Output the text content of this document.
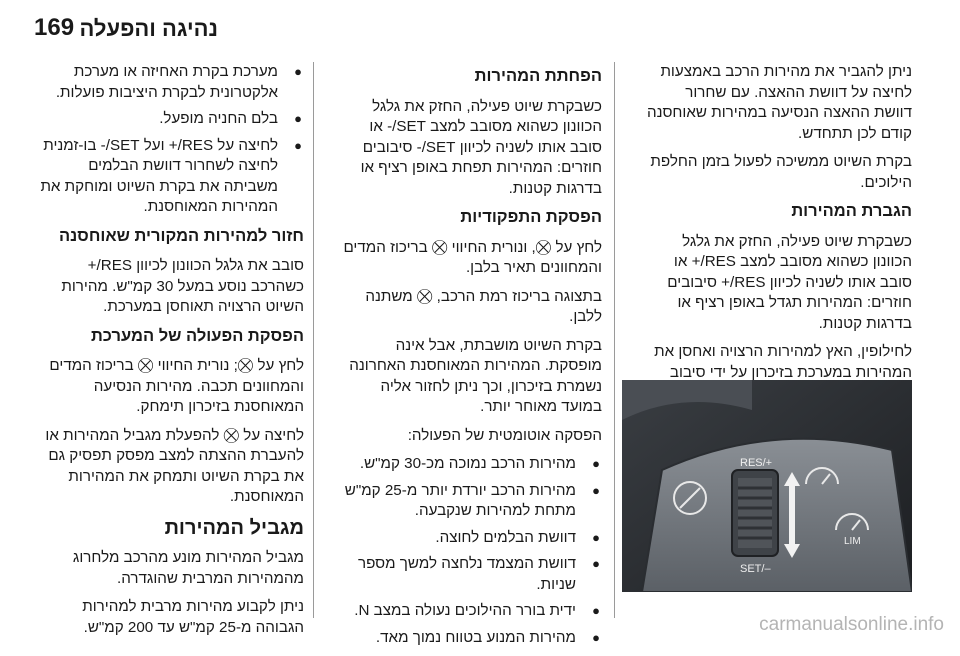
נהיגה והפעלה
169

ניתן להגביר את מהירות הרכב באמצעות לחיצה על דוושת ההאצה. עם שחרור דוושת ההאצה הנסיעה במהירות שאוחסנה קודם לכן תתחדש.

בקרת השיוט ממשיכה לפעול בזמן החלפת הילוכים.

הגברת המהירות

כשבקרת שיוט פעילה, החזק את גלגל הכוונון כשהוא מסובב למצב RES/+ או סובב אותו לשניה לכיוון RES/+ סיבובים חוזרים: המהירות תגדל באופן רציף או בדרגות קטנות.

לחילופין, האץ למהירות הרצויה ואחסן את המהירות במערכת בזיכרון על ידי סיבוב

RES/+
SET/–
LIM
הפחתת המהירות

כשבקרת שיוט פעילה, החזק את גלגל הכוונון כשהוא מסובב למצב SET/- או סובב אותו לשניה לכיוון SET/- סיבובים חוזרים: המהירות תפחת באופן רציף או בדרגות קטנות.

הפסקת התפקודיות

לחץ על ⛒, ונורית החיווי ⛒ בריכוז המדים והמחוונים תאיר בלבן.

בתצוגה בריכוז רמת הרכב, ⛒ משתנה ללבן.

בקרת השיוט מושבתת, אבל אינה מופסקת. המהירות המאוחסנת האחרונה נשמרת בזיכרון, וכך ניתן לחזור אליה במועד מאוחר יותר.

הפסקה אוטומטית של הפעולה:

● מהירות הרכב נמוכה מכ-30 קמ"ש.
● מהירות הרכב יורדת יותר מ-25 קמ"ש מתחת למהירות שנקבעה.
● דוושת הבלמים לחוצה.
● דוושת המצמד נלחצה למשך מספר שניות.
● ידית בורר ההילוכים נעולה במצב N.
● מהירות המנוע בטווח נמוך מאד.
● מערכת בקרת האחיזה או מערכת אלקטרונית לבקרת היציבות פועלות.
● בלם החניה מופעל.
● לחיצה על RES/+ ועל SET/- בו-זמנית לחיצה לשחרור דוושת הבלמים משביתה את בקרת השיוט ומוחקת את המהירות המאוחסנת.
חזור למהירות המקורית שאוחסנה

סובב את גלגל הכוונון לכיוון RES/+ כשהרכב נוסע במעל 30 קמ"ש. מהירות השיוט הרצויה תאוחסן במערכת.

הפסקת הפעולה של המערכת

לחץ על ⛒; נורית החיווי ⛒ בריכוז המדים והמחוונים תכבה. מהירות הנסיעה המאוחסנת בזיכרון תימחק.

לחיצה על ⛒ להפעלת מגביל המהירות או להעברת ההצתה למצב מפסק תפסיק גם את בקרת השיוט ותמחק את המהירות המאוחסנת.

מגביל המהירות

מגביל המהירות מונע מהרכב מלחרוג מהמהירות המרבית שהוגדרה.

ניתן לקבוע מהירות מרבית למהירות הגבוהה מ-25 קמ"ש עד 200 קמ"ש.	carmanualsonline.info
